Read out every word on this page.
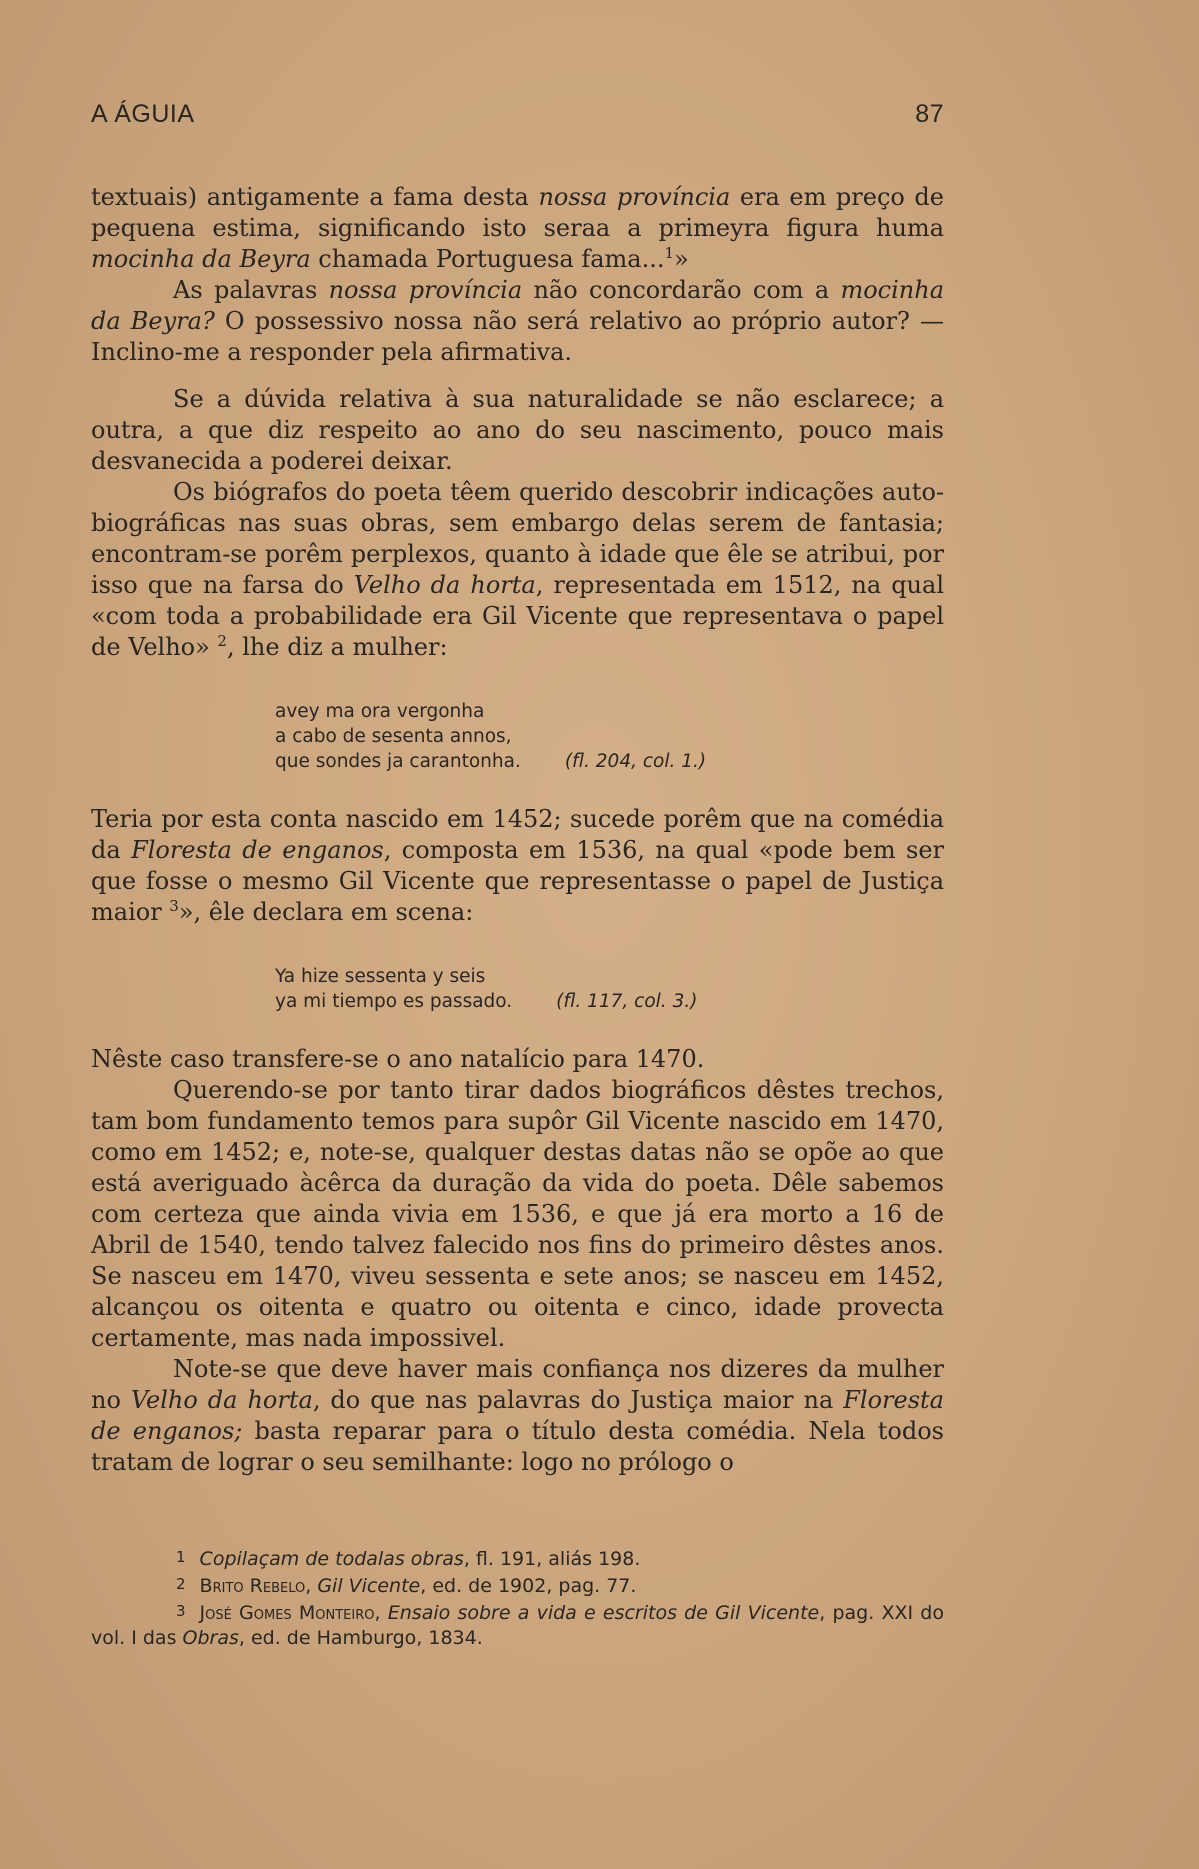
A ÁGUIA	87

textuais) antigamente a fama desta nossa província era em preço de pequena estima, significando isto seraa a primeyra figura huma mocinha da Beyra chamada Portuguesa fama...$^1$»

As palavras nossa província não concordarão com a mocinha da Beyra? O possessivo nossa não será relativo ao próprio autor? — Inclino-me a responder pela afirmativa.

Se a dúvida relativa à sua naturalidade se não esclarece; a outra, a que diz respeito ao ano do seu nascimento, pouco mais desvanecida a poderei deixar.

Os biógrafos do poeta têem querido descobrir indicações auto-biográficas nas suas obras, sem embargo delas serem de fantasia; encontram-se porêm perplexos, quanto à idade que êle se atribui, por isso que na farsa do Velho da horta, representada em 1512, na qual «com toda a probabilidade era Gil Vicente que representava o papel de Velho» $^2$, lhe diz a mulher:

avey ma ora vergonha
a cabo de sesenta annos,
que sondes ja carantonha. (fl. 204, col. 1.)

Teria por esta conta nascido em 1452; sucede porêm que na comédia da Floresta de enganos, composta em 1536, na qual «pode bem ser que fosse o mesmo Gil Vicente que representasse o papel de Justiça maior $^3$», êle declara em scena:

Ya hize sessenta y seis
ya mi tiempo es passado. (fl. 117, col. 3.)

Nêste caso transfere-se o ano natalício para 1470.

Querendo-se por tanto tirar dados biográficos dêstes trechos, tam bom fundamento temos para supôr Gil Vicente nascido em 1470, como em 1452; e, note-se, qualquer destas datas não se opõe ao que está averiguado àcêrca da duração da vida do poeta. Dêle sabemos com certeza que ainda vivia em 1536, e que já era morto a 16 de Abril de 1540, tendo talvez falecido nos fins do primeiro dêstes anos. Se nasceu em 1470, viveu sessenta e sete anos; se nasceu em 1452, alcançou os oitenta e quatro ou oitenta e cinco, idade provecta certamente, mas nada impossivel.

Note-se que deve haver mais confiança nos dizeres da mulher no Velho da horta, do que nas palavras do Justiça maior na Floresta de enganos; basta reparar para o título desta comédia. Nela todos tratam de lograr o seu semilhante: logo no prólogo o

1 Copilaçam de todalas obras, fl. 191, aliás 198.

2 Brito Rebelo, Gil Vicente, ed. de 1902, pag. 77.

3 José Gomes Monteiro, Ensaio sobre a vida e escritos de Gil Vicente, pag. XXI do vol. I das Obras, ed. de Hamburgo, 1834.
